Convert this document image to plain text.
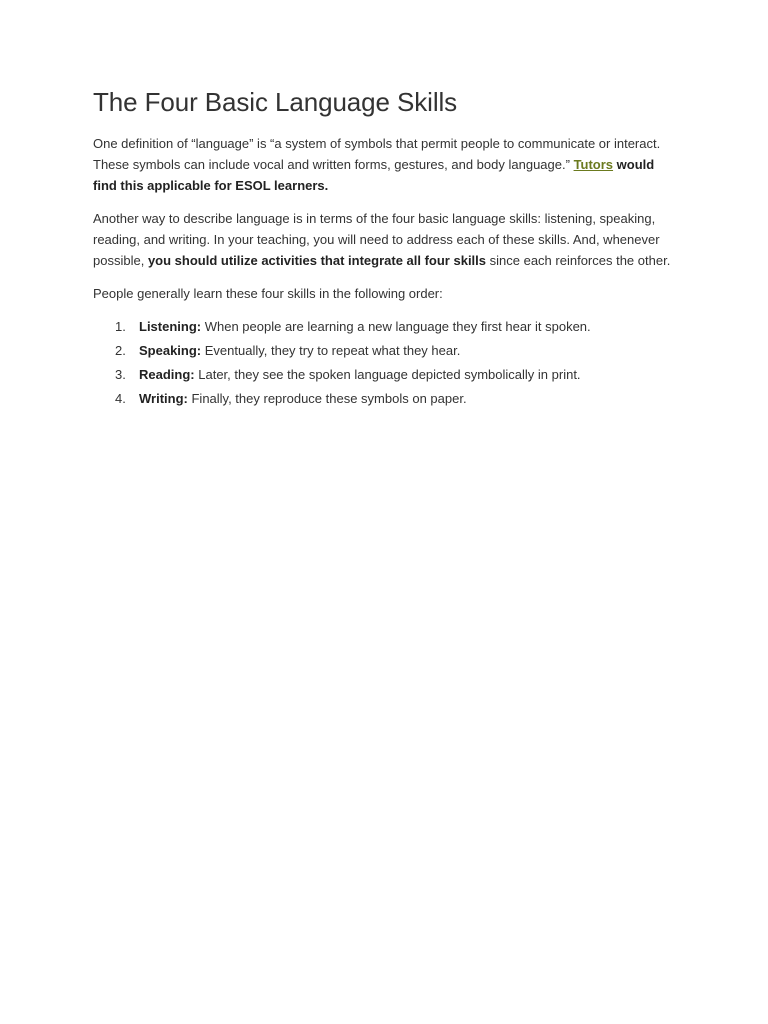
The Four Basic Language Skills

One definition of “language” is “a system of symbols that permit people to communicate or interact. These symbols can include vocal and written forms, gestures, and body language.” Tutors would find this applicable for ESOL learners.

Another way to describe language is in terms of the four basic language skills: listening, speaking, reading, and writing. In your teaching, you will need to address each of these skills. And, whenever possible, you should utilize activities that integrate all four skills since each reinforces the other.

People generally learn these four skills in the following order:

1. Listening: When people are learning a new language they first hear it spoken.
2. Speaking: Eventually, they try to repeat what they hear.
3. Reading: Later, they see the spoken language depicted symbolically in print.
4. Writing: Finally, they reproduce these symbols on paper.
